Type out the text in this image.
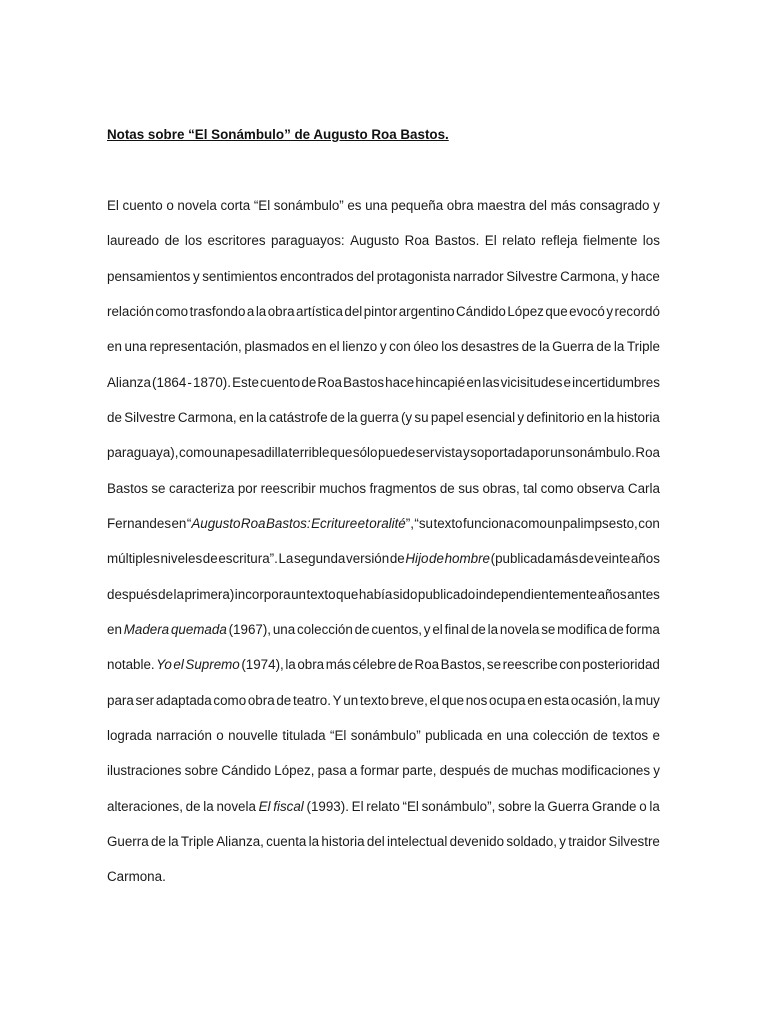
Notas sobre “El Sonámbulo” de Augusto Roa Bastos.
El cuento o novela corta “El sonámbulo” es una pequeña obra maestra del más consagrado y
laureado de los escritores paraguayos: Augusto Roa Bastos. El relato refleja fielmente los
pensamientos y sentimientos encontrados del protagonista narrador Silvestre Carmona, y hace
relación como trasfondo a la obra artística del pintor argentino Cándido López que evocó y recordó
en una representación, plasmados en el lienzo y con óleo los desastres de la Guerra de la Triple
Alianza (1864 - 1870). Este cuento de Roa Bastos hace hincapié en las vicisitudes e incertidumbres
de Silvestre Carmona, en la catástrofe de la guerra (y su papel esencial y definitorio en la historia
paraguaya), como una pesadilla terrible que sólo puede ser vista y soportada por un sonámbulo. Roa
Bastos se caracteriza por reescribir muchos fragmentos de sus obras, tal como observa Carla
Fernandes en “Augusto Roa Bastos: Ecriture et oralité”, “su texto funciona como un palimpsesto, con
múltiples niveles de escritura”. La segunda versión de Hijo de hombre (publicada más de veinte años
después de la primera) incorpora un texto que había sido publicado independientemente años antes
en Madera quemada (1967), una colección de cuentos, y el final de la novela se modifica de forma
notable. Yo el Supremo (1974), la obra más célebre de Roa Bastos, se reescribe con posterioridad
para ser adaptada como obra de teatro. Y un texto breve, el que nos ocupa en esta ocasión, la muy
lograda narración o nouvelle titulada “El sonámbulo” publicada en una colección de textos e
ilustraciones sobre Cándido López, pasa a formar parte, después de muchas modificaciones y
alteraciones, de la novela El fiscal (1993). El relato “El sonámbulo”, sobre la Guerra Grande o la
Guerra de la Triple Alianza, cuenta la historia del intelectual devenido soldado, y traidor Silvestre
Carmona.
